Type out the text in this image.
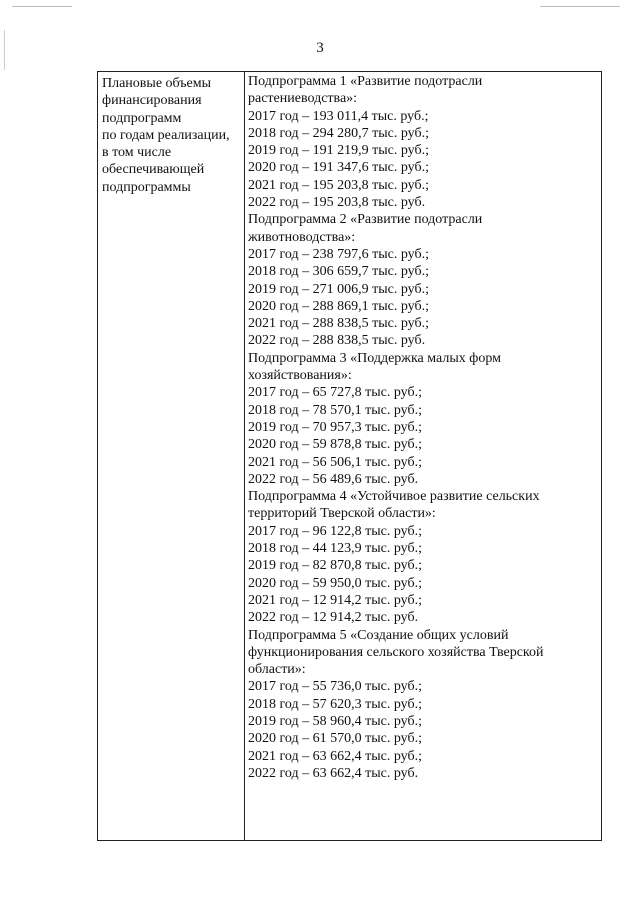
3
Плановые объемы
финансирования
подпрограмм
по годам реализации,
в том числе
обеспечивающей
подпрограммы
Подпрограмма 1 «Развитие подотрасли
растениеводства»:
2017 год – 193 011,4 тыс. руб.;
2018 год – 294 280,7 тыс. руб.;
2019 год – 191 219,9 тыс. руб.;
2020 год – 191 347,6 тыс. руб.;
2021 год – 195 203,8 тыс. руб.;
2022 год – 195 203,8 тыс. руб.
Подпрограмма 2 «Развитие подотрасли
животноводства»:
2017 год – 238 797,6 тыс. руб.;
2018 год – 306 659,7 тыс. руб.;
2019 год – 271 006,9 тыс. руб.;
2020 год – 288 869,1 тыс. руб.;
2021 год – 288 838,5 тыс. руб.;
2022 год – 288 838,5 тыс. руб.
Подпрограмма 3 «Поддержка малых форм
хозяйствования»:
2017 год – 65 727,8 тыс. руб.;
2018 год – 78 570,1 тыс. руб.;
2019 год – 70 957,3 тыс. руб.;
2020 год – 59 878,8 тыс. руб.;
2021 год – 56 506,1 тыс. руб.;
2022 год – 56 489,6 тыс. руб.
Подпрограмма 4 «Устойчивое развитие сельских
территорий Тверской области»:
2017 год – 96 122,8 тыс. руб.;
2018 год – 44 123,9 тыс. руб.;
2019 год – 82 870,8 тыс. руб.;
2020 год – 59 950,0 тыс. руб.;
2021 год – 12 914,2 тыс. руб.;
2022 год – 12 914,2 тыс. руб.
Подпрограмма 5 «Создание общих условий
функционирования сельского хозяйства Тверской
области»:
2017 год – 55 736,0 тыс. руб.;
2018 год – 57 620,3 тыс. руб.;
2019 год – 58 960,4 тыс. руб.;
2020 год – 61 570,0 тыс. руб.;
2021 год – 63 662,4 тыс. руб.;
2022 год – 63 662,4 тыс. руб.
